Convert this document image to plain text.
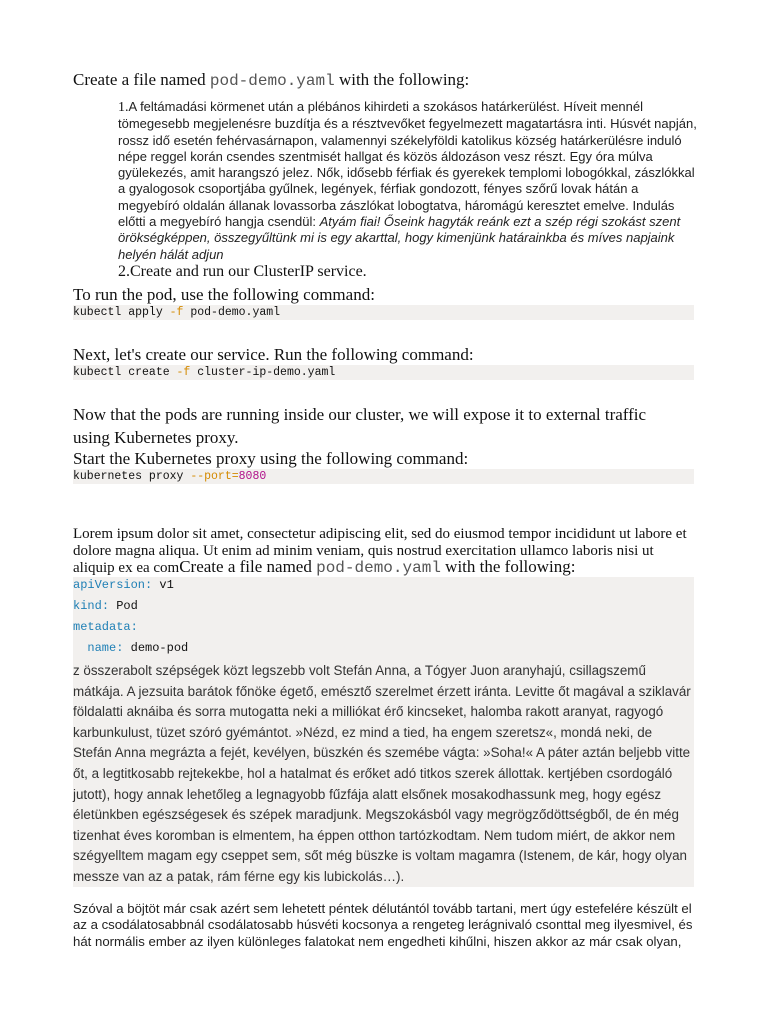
Create a file named pod-demo.yaml with the following:
1.A feltámadási körmenet után a plébános kihirdeti a szokásos határkerülést. Híveit mennél tömegesebb megjelenésre buzdítja és a résztvevőket fegyelmezett magatartásra inti. Húsvét napján, rossz idő esetén fehérvasárnapon, valamennyi székelyföldi katolikus község határkerülésre induló népe reggel korán csendes szentmisét hallgat és közös áldozáson vesz részt. Egy óra múlva gyülekezés, amit harangszó jelez. Nők, idősebb férfiak és gyerekek templomi lobogókkal, zászlókkal a gyalogosok csoportjába gyűlnek, legények, férfiak gondozott, fényes szőrű lovak hátán a megyebíró oldalán állanak lovassorba zászlókat lobogtatva, háromágú keresztet emelve. Indulás előtti a megyebíró hangja csendül: Atyám fiai! Őseink hagyták reánk ezt a szép régi szokást szent örökségképpen, összegyűltünk mi is egy akarttal, hogy kimenjünk határainkba és míves napjaink helyén hálát adjun
2.Create and run our ClusterIP service.
To run the pod, use the following command:
kubectl apply -f pod-demo.yaml
Next, let's create our service. Run the following command:
kubectl create -f cluster-ip-demo.yaml
Now that the pods are running inside our cluster, we will expose it to external traffic
using Kubernetes proxy.
Start the Kubernetes proxy using the following command:
kubernetes proxy --port=8080
Lorem ipsum dolor sit amet, consectetur adipiscing elit, sed do eiusmod tempor incididunt ut labore et dolore magna aliqua. Ut enim ad minim veniam, quis nostrud exercitation ullamco laboris nisi ut aliquip ex ea comCreate a file named pod-demo.yaml with the following:
apiVersion: v1
kind: Pod
metadata:
name: demo-pod
z összerabolt szépségek közt legszebb volt Stefán Anna, a Tógyer Juon aranyhajú, csillagszemű mátkája. A jezsuita barátok főnöke égető, emésztő szerelmet érzett iránta. Levitte őt magával a sziklavár földalatti aknáiba és sorra mutogatta neki a milliókat érő kincseket, halomba rakott aranyat, ragyogó karbunkulust, tüzet szóró gyémántot. »Nézd, ez mind a tied, ha engem szeretsz«, mondá neki, de Stefán Anna megrázta a fejét, kevélyen, büszkén és szemébe vágta: »Soha!« A páter aztán beljebb vitte őt, a legtitkosabb rejtekekbe, hol a hatalmat és erőket adó titkos szerek állottak. kertjében csordogáló jutott), hogy annak lehetőleg a legnagyobb fűzfája alatt elsőnek mosakodhassunk meg, hogy egész életünkben egészségesek és szépek maradjunk. Megszokásból vagy megrögződöttségből, de én még tizenhat éves koromban is elmentem, ha éppen otthon tartózkodtam. Nem tudom miért, de akkor nem szégyelltem magam egy cseppet sem, sőt még büszke is voltam magamra (Istenem, de kár, hogy olyan messze van az a patak, rám férne egy kis lubickolás…).
Szóval a böjtöt már csak azért sem lehetett péntek délutántól tovább tartani, mert úgy estefelére készült el az a csodálatosabbnál csodálatosabb húsvéti kocsonya a rengeteg lerágnivaló csonttal meg ilyesmivel, és hát normális ember az ilyen különleges falatokat nem engedheti kihűlni, hiszen akkor az már csak olyan,
